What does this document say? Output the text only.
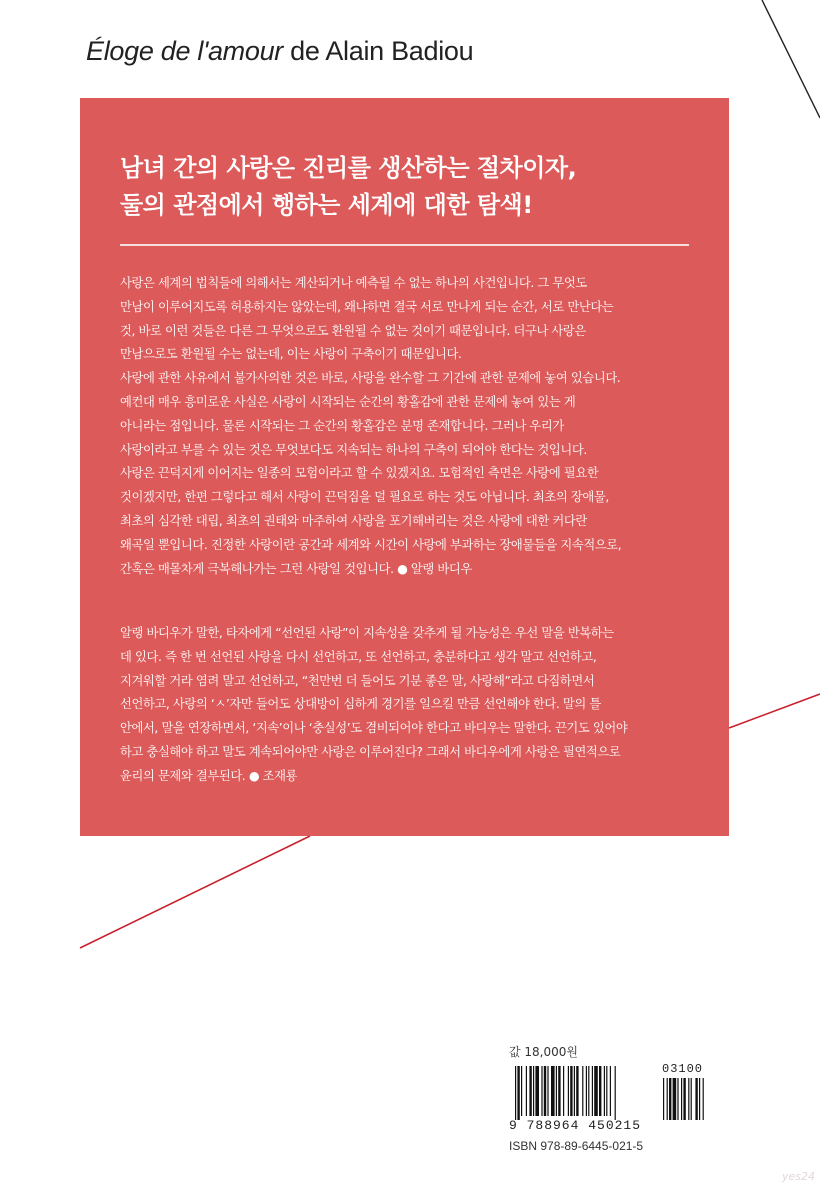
Éloge de l'amour de Alain Badiou
남녀 간의 사랑은 진리를 생산하는 절차이자,
둘의 관점에서 행하는 세계에 대한 탐색!
사랑은 세계의 법칙들에 의해서는 계산되거나 예측될 수 없는 하나의 사건입니다. 그 무엇도
만남이 이루어지도록 허용하지는 않았는데, 왜냐하면 결국 서로 만나게 되는 순간, 서로 만난다는
것, 바로 이런 것들은 다른 그 무엇으로도 환원될 수 없는 것이기 때문입니다. 더구나 사랑은
만남으로도 환원될 수는 없는데, 이는 사랑이 구축이기 때문입니다.
사랑에 관한 사유에서 불가사의한 것은 바로, 사랑을 완수할 그 기간에 관한 문제에 놓여 있습니다.
예컨대 매우 흥미로운 사실은 사랑이 시작되는 순간의 황홀감에 관한 문제에 놓여 있는 게
아니라는 점입니다. 물론 시작되는 그 순간의 황홀감은 분명 존재합니다. 그러나 우리가
사랑이라고 부를 수 있는 것은 무엇보다도 지속되는 하나의 구축이 되어야 한다는 것입니다.
사랑은 끈덕지게 이어지는 일종의 모험이라고 할 수 있겠지요. 모험적인 측면은 사랑에 필요한
것이겠지만, 한편 그렇다고 해서 사랑이 끈덕짐을 덜 필요로 하는 것도 아닙니다. 최초의 장애물,
최초의 심각한 대립, 최초의 권태와 마주하여 사랑을 포기해버리는 것은 사랑에 대한 커다란
왜곡일 뿐입니다. 진정한 사랑이란 공간과 세계와 시간이 사랑에 부과하는 장애물들을 지속적으로,
간혹은 매몰차게 극복해나가는 그런 사랑일 것입니다. ● 알랭 바디우
알랭 바디우가 말한, 타자에게 “선언된 사랑”이 지속성을 갖추게 될 가능성은 우선 말을 반복하는
데 있다. 즉 한 번 선언된 사랑을 다시 선언하고, 또 선언하고, 충분하다고 생각 말고 선언하고,
지겨워할 거라 염려 말고 선언하고, “천만번 더 들어도 기분 좋은 말, 사랑해”라고 다짐하면서
선언하고, 사랑의 ‘ㅅ’자만 들어도 상대방이 심하게 경기를 일으킬 만큼 선언해야 한다. 말의 틀
안에서, 말을 연장하면서, ‘지속’이나 ‘충실성’도 겸비되어야 한다고 바디우는 말한다. 끈기도 있어야
하고 충실해야 하고 말도 계속되어야만 사랑은 이루어진다? 그래서 바디우에게 사랑은 필연적으로
윤리의 문제와 결부된다. ● 조재룡
값 18,000원
03100
9 788964 450215
ISBN 978-89-6445-021-5
yes24
